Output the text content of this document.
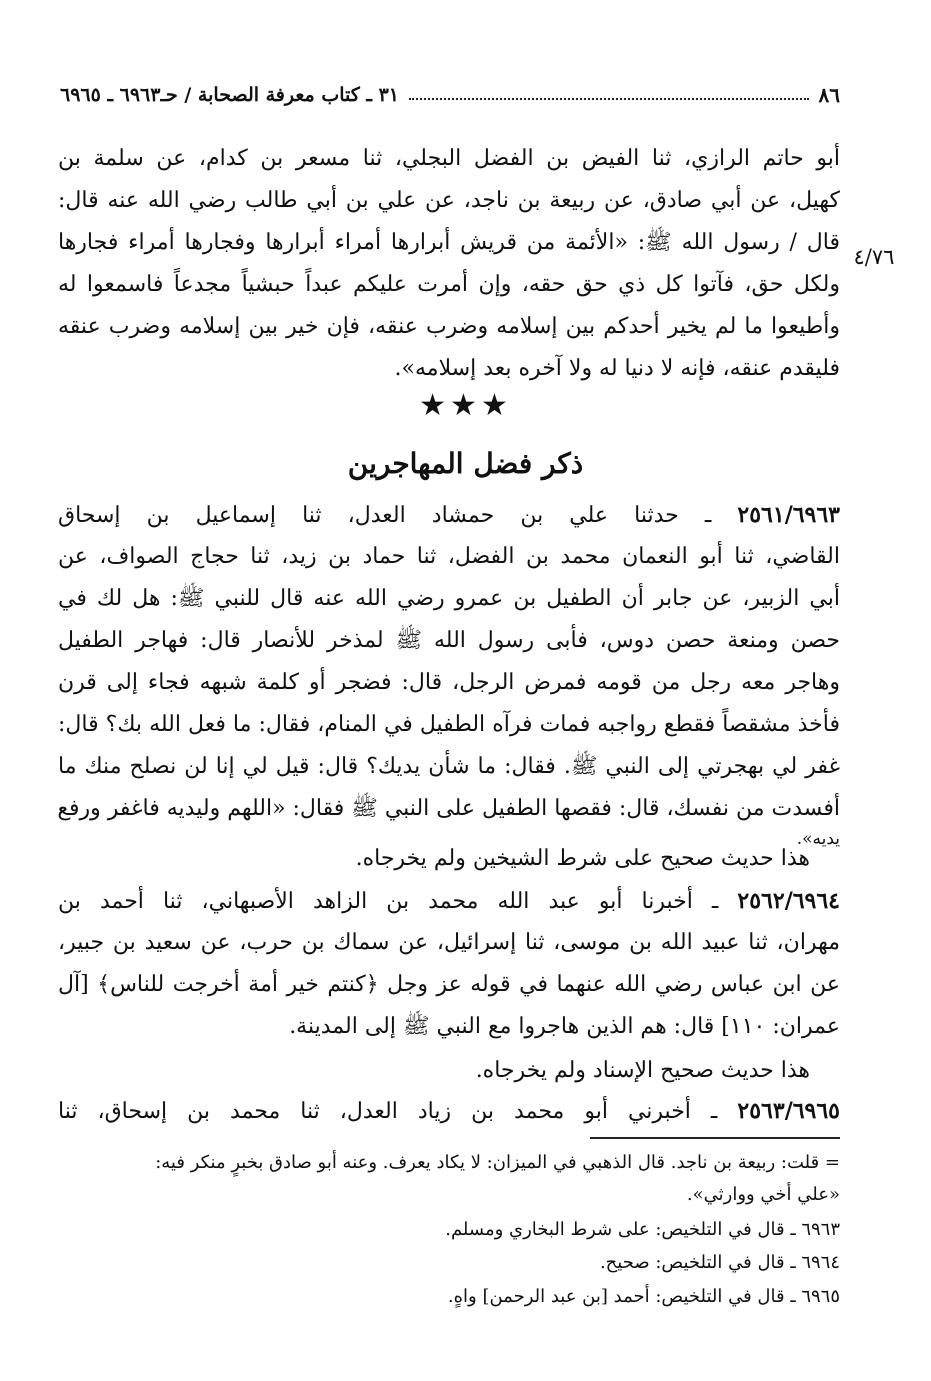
٨٦
٣١ ـ كتاب معرفة الصحابة / حـ٦٩٦٣ ـ ٦٩٦٥
أبو حاتم الرازي، ثنا الفيض بن الفضل البجلي، ثنا مسعر بن كدام، عن سلمة بن
كهيل، عن أبي صادق، عن ربيعة بن ناجد، عن علي بن أبي طالب رضي الله عنه قال:
قال / رسول الله ﷺ: «الأئمة من قريش أبرارها أمراء أبرارها وفجارها أمراء فجارها
٤/٧٦
ولكل حق، فآتوا كل ذي حق حقه، وإن أمرت عليكم عبداً حبشياً مجدعاً فاسمعوا له
وأطيعوا ما لم يخير أحدكم بين إسلامه وضرب عنقه، فإن خير بين إسلامه وضرب عنقه
فليقدم عنقه، فإنه لا دنيا له ولا آخره بعد إسلامه».
★★★
ذكر فضل المهاجرين
٢٥٦١/٦٩٦٣ ـ حدثنا علي بن حمشاد العدل، ثنا إسماعيل بن إسحاق
القاضي، ثنا أبو النعمان محمد بن الفضل، ثنا حماد بن زيد، ثنا حجاج الصواف، عن
أبي الزبير، عن جابر أن الطفيل بن عمرو رضي الله عنه قال للنبي ﷺ: هل لك في
حصن ومنعة حصن دوس، فأبى رسول الله ﷺ لمذخر للأنصار قال: فهاجر الطفيل
وهاجر معه رجل من قومه فمرض الرجل، قال: فضجر أو كلمة شبهه فجاء إلى قرن
فأخذ مشقصاً فقطع رواجبه فمات فرآه الطفيل في المنام، فقال: ما فعل الله بك؟ قال:
غفر لي بهجرتي إلى النبي ﷺ. فقال: ما شأن يديك؟ قال: قيل لي إنا لن نصلح منك ما
أفسدت من نفسك، قال: فقصها الطفيل على النبي ﷺ فقال: «اللهم وليديه فاغفر ورفع
يديه».
هذا حديث صحيح على شرط الشيخين ولم يخرجاه.
٢٥٦٢/٦٩٦٤ ـ أخبرنا أبو عبد الله محمد بن الزاهد الأصبهاني، ثنا أحمد بن
مهران، ثنا عبيد الله بن موسى، ثنا إسرائيل، عن سماك بن حرب، عن سعيد بن جبير،
عن ابن عباس رضي الله عنهما في قوله عز وجل ﴿كنتم خير أمة أخرجت للناس﴾ [آل
عمران: ١١٠] قال: هم الذين هاجروا مع النبي ﷺ إلى المدينة.
هذا حديث صحيح الإسناد ولم يخرجاه.
٢٥٦٣/٦٩٦٥ ـ أخبرني أبو محمد بن زياد العدل، ثنا محمد بن إسحاق، ثنا
= قلت: ربيعة بن ناجد. قال الذهبي في الميزان: لا يكاد يعرف. وعنه أبو صادق بخبرٍ منكر فيه:
«علي أخي ووارثي».
٦٩٦٣ ـ قال في التلخيص: على شرط البخاري ومسلم.
٦٩٦٤ ـ قال في التلخيص: صحيح.
٦٩٦٥ ـ قال في التلخيص: أحمد [بن عبد الرحمن] واهٍ.
